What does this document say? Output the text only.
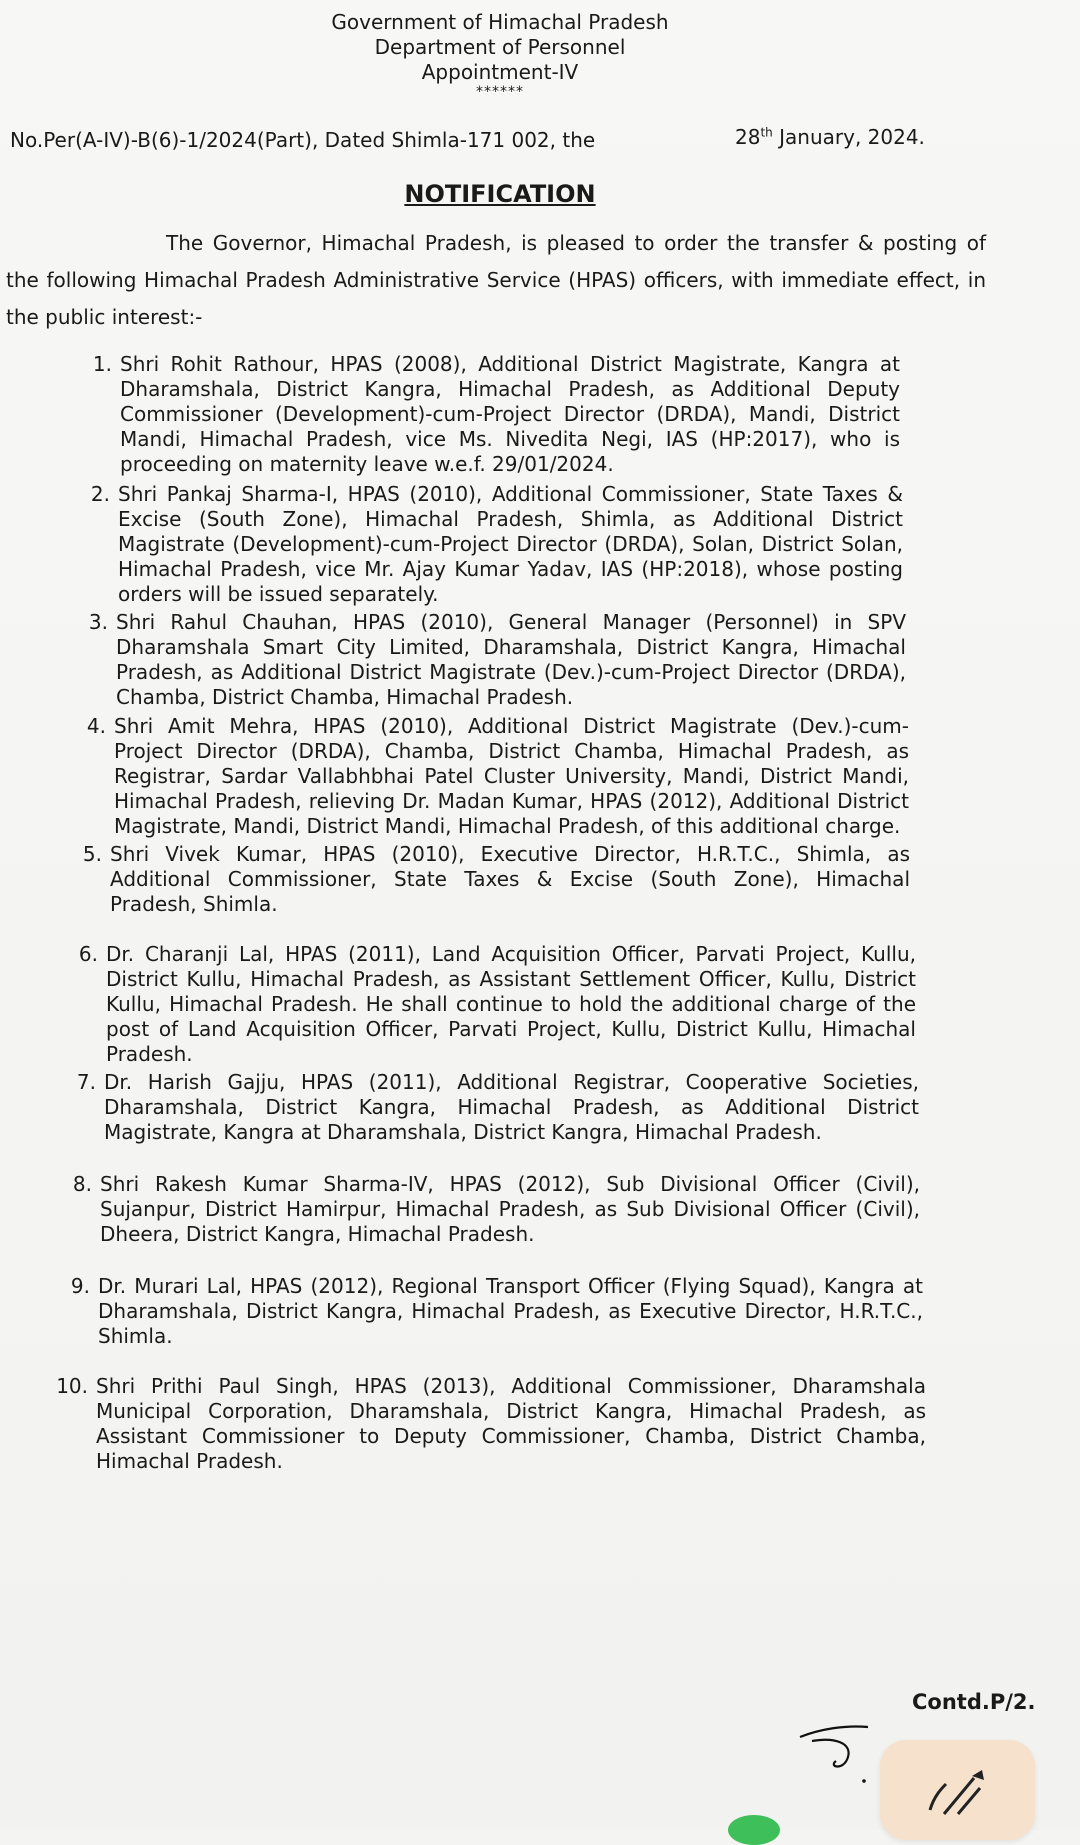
Government of Himachal Pradesh
Department of Personnel
Appointment-IV
******
No.Per(A-IV)-B(6)-1/2024(Part), Dated Shimla-171 002, the	28th January, 2024.
NOTIFICATION
The Governor, Himachal Pradesh, is pleased to order the transfer & posting of the following Himachal Pradesh Administrative Service (HPAS) officers, with immediate effect, in the public interest:-
1. Shri Rohit Rathour, HPAS (2008), Additional District Magistrate, Kangra at Dharamshala, District Kangra, Himachal Pradesh, as Additional Deputy Commissioner (Development)-cum-Project Director (DRDA), Mandi, District Mandi, Himachal Pradesh, vice Ms. Nivedita Negi, IAS (HP:2017), who is proceeding on maternity leave w.e.f. 29/01/2024.
2. Shri Pankaj Sharma-I, HPAS (2010), Additional Commissioner, State Taxes & Excise (South Zone), Himachal Pradesh, Shimla, as Additional District Magistrate (Development)-cum-Project Director (DRDA), Solan, District Solan, Himachal Pradesh, vice Mr. Ajay Kumar Yadav, IAS (HP:2018), whose posting orders will be issued separately.
3. Shri Rahul Chauhan, HPAS (2010), General Manager (Personnel) in SPV Dharamshala Smart City Limited, Dharamshala, District Kangra, Himachal Pradesh, as Additional District Magistrate (Dev.)-cum-Project Director (DRDA), Chamba, District Chamba, Himachal Pradesh.
4. Shri Amit Mehra, HPAS (2010), Additional District Magistrate (Dev.)-cum-Project Director (DRDA), Chamba, District Chamba, Himachal Pradesh, as Registrar, Sardar Vallabhbhai Patel Cluster University, Mandi, District Mandi, Himachal Pradesh, relieving Dr. Madan Kumar, HPAS (2012), Additional District Magistrate, Mandi, District Mandi, Himachal Pradesh, of this additional charge.
5. Shri Vivek Kumar, HPAS (2010), Executive Director, H.R.T.C., Shimla, as Additional Commissioner, State Taxes & Excise (South Zone), Himachal Pradesh, Shimla.
6. Dr. Charanji Lal, HPAS (2011), Land Acquisition Officer, Parvati Project, Kullu, District Kullu, Himachal Pradesh, as Assistant Settlement Officer, Kullu, District Kullu, Himachal Pradesh. He shall continue to hold the additional charge of the post of Land Acquisition Officer, Parvati Project, Kullu, District Kullu, Himachal Pradesh.
7. Dr. Harish Gajju, HPAS (2011), Additional Registrar, Cooperative Societies, Dharamshala, District Kangra, Himachal Pradesh, as Additional District Magistrate, Kangra at Dharamshala, District Kangra, Himachal Pradesh.
8. Shri Rakesh Kumar Sharma-IV, HPAS (2012), Sub Divisional Officer (Civil), Sujanpur, District Hamirpur, Himachal Pradesh, as Sub Divisional Officer (Civil), Dheera, District Kangra, Himachal Pradesh.
9. Dr. Murari Lal, HPAS (2012), Regional Transport Officer (Flying Squad), Kangra at Dharamshala, District Kangra, Himachal Pradesh, as Executive Director, H.R.T.C., Shimla.
10. Shri Prithi Paul Singh, HPAS (2013), Additional Commissioner, Dharamshala Municipal Corporation, Dharamshala, District Kangra, Himachal Pradesh, as Assistant Commissioner to Deputy Commissioner, Chamba, District Chamba, Himachal Pradesh.
Contd.P/2.
